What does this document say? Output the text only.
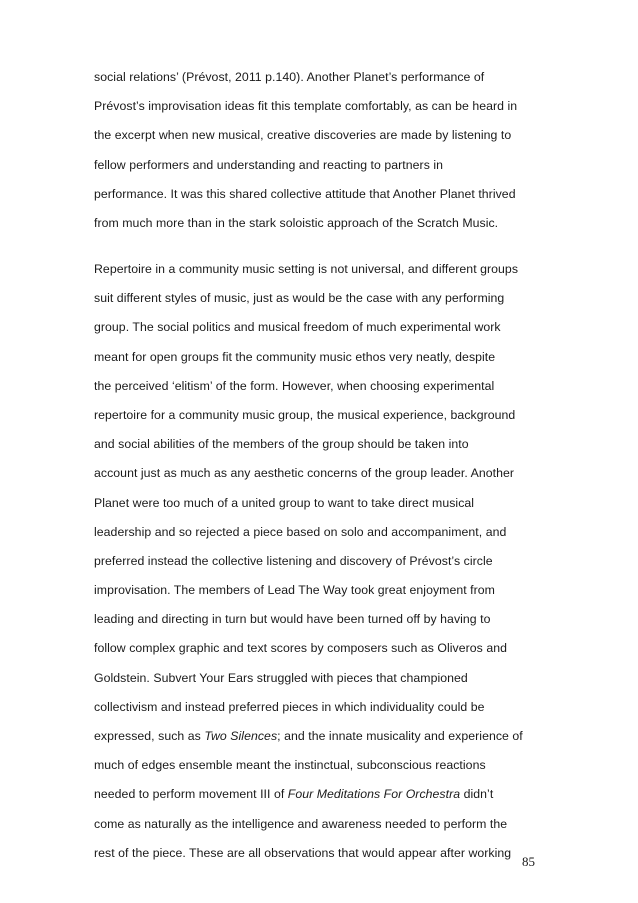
social relations’ (Prévost, 2011 p.140). Another Planet’s performance of
Prévost’s improvisation ideas fit this template comfortably, as can be heard in
the excerpt when new musical, creative discoveries are made by listening to
fellow performers and understanding and reacting to partners in
performance. It was this shared collective attitude that Another Planet thrived
from much more than in the stark soloistic approach of the Scratch Music.
Repertoire in a community music setting is not universal, and different groups
suit different styles of music, just as would be the case with any performing
group. The social politics and musical freedom of much experimental work
meant for open groups fit the community music ethos very neatly, despite
the perceived ‘elitism’ of the form. However, when choosing experimental
repertoire for a community music group, the musical experience, background
and social abilities of the members of the group should be taken into
account just as much as any aesthetic concerns of the group leader. Another
Planet were too much of a united group to want to take direct musical
leadership and so rejected a piece based on solo and accompaniment, and
preferred instead the collective listening and discovery of Prévost’s circle
improvisation. The members of Lead The Way took great enjoyment from
leading and directing in turn but would have been turned off by having to
follow complex graphic and text scores by composers such as Oliveros and
Goldstein. Subvert Your Ears struggled with pieces that championed
collectivism and instead preferred pieces in which individuality could be
expressed, such as Two Silences; and the innate musicality and experience of
much of edges ensemble meant the instinctual, subconscious reactions
needed to perform movement III of Four Meditations For Orchestra didn’t
come as naturally as the intelligence and awareness needed to perform the
rest of the piece. These are all observations that would appear after working
85
